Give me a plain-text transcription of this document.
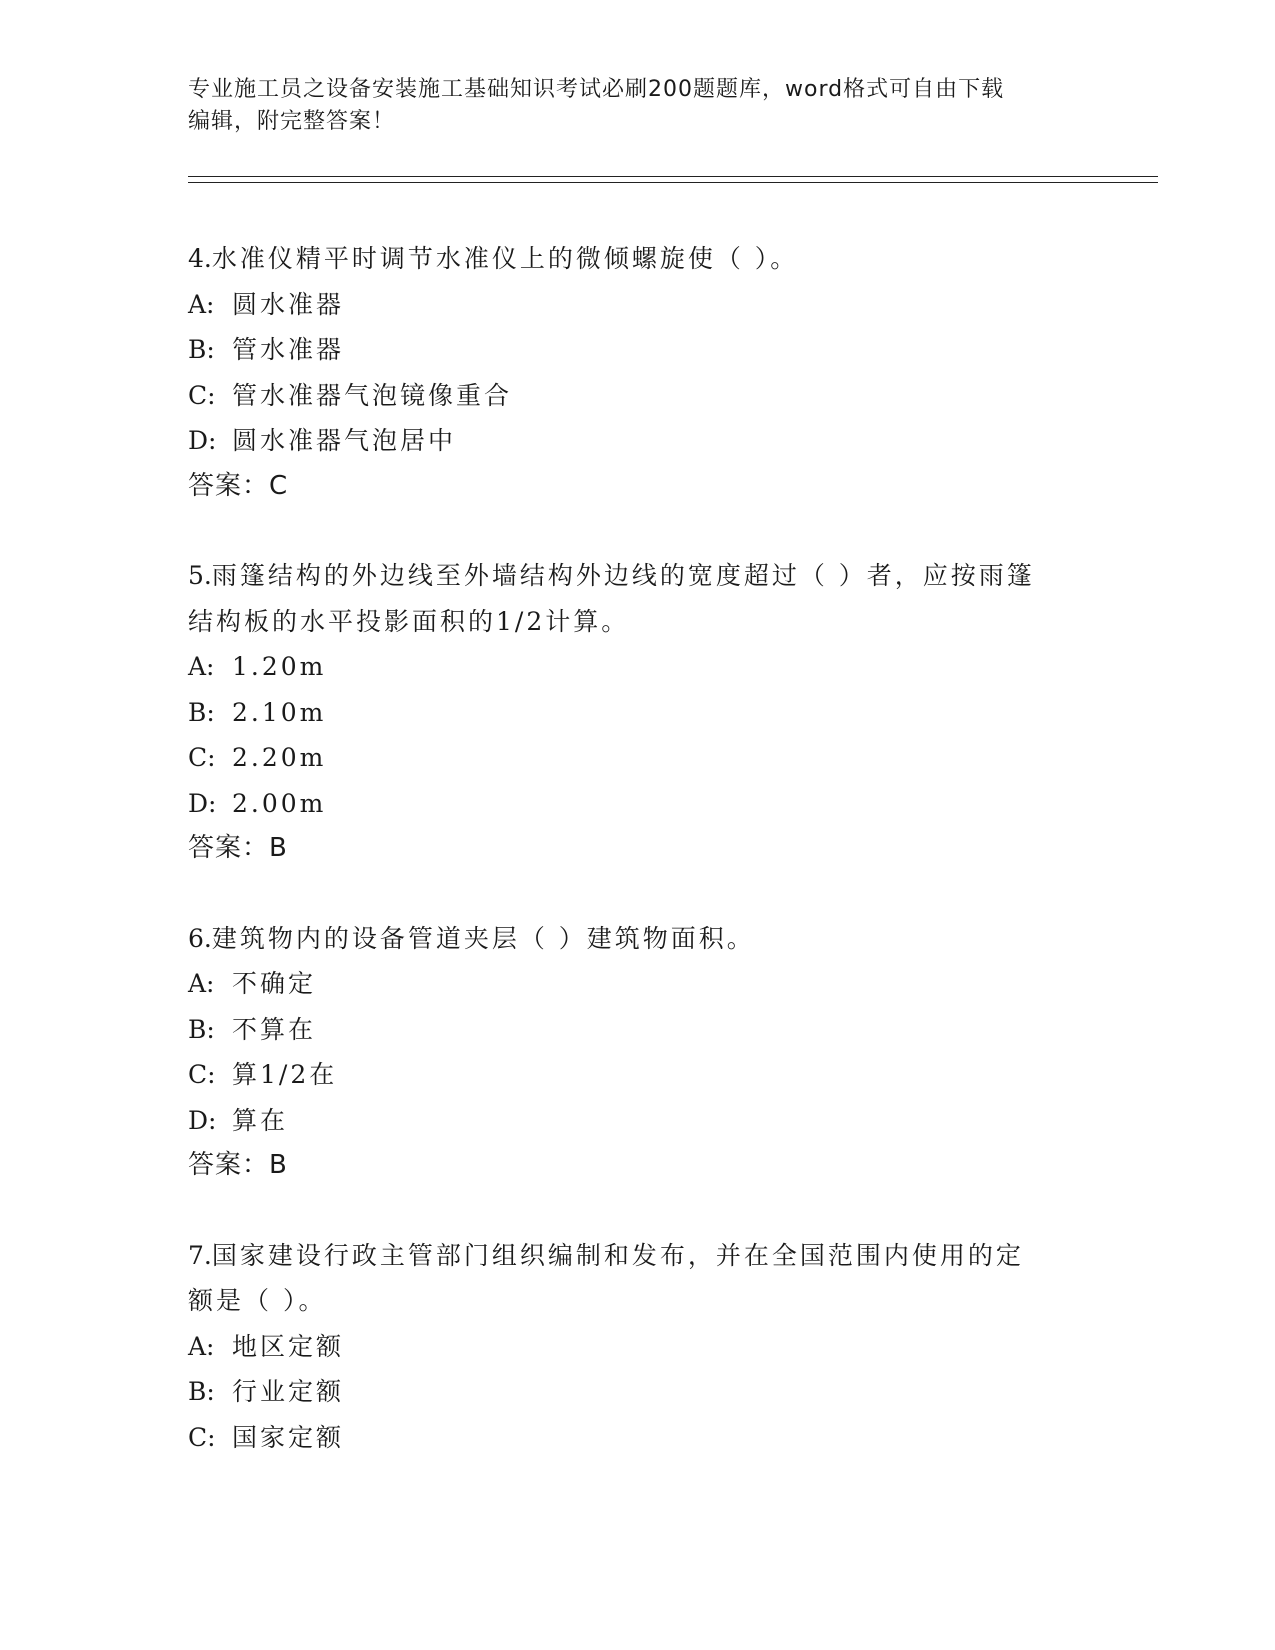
专业施工员之设备安装施工基础知识考试必刷200题题库，word格式可自由下载
编辑，附完整答案！
4.水准仪精平时调节水准仪上的微倾螺旋使（ ）。
A: 圆水准器
B: 管水准器
C: 管水准器气泡镜像重合
D: 圆水准器气泡居中
答案：C
5.雨篷结构的外边线至外墙结构外边线的宽度超过（ ）者，应按雨篷
结构板的水平投影面积的1/2计算。
A: 1.20m
B: 2.10m
C: 2.20m
D: 2.00m
答案：B
6.建筑物内的设备管道夹层（ ）建筑物面积。
A: 不确定
B: 不算在
C: 算1/2在
D: 算在
答案：B
7.国家建设行政主管部门组织编制和发布，并在全国范围内使用的定
额是（ ）。
A: 地区定额
B: 行业定额
C: 国家定额
